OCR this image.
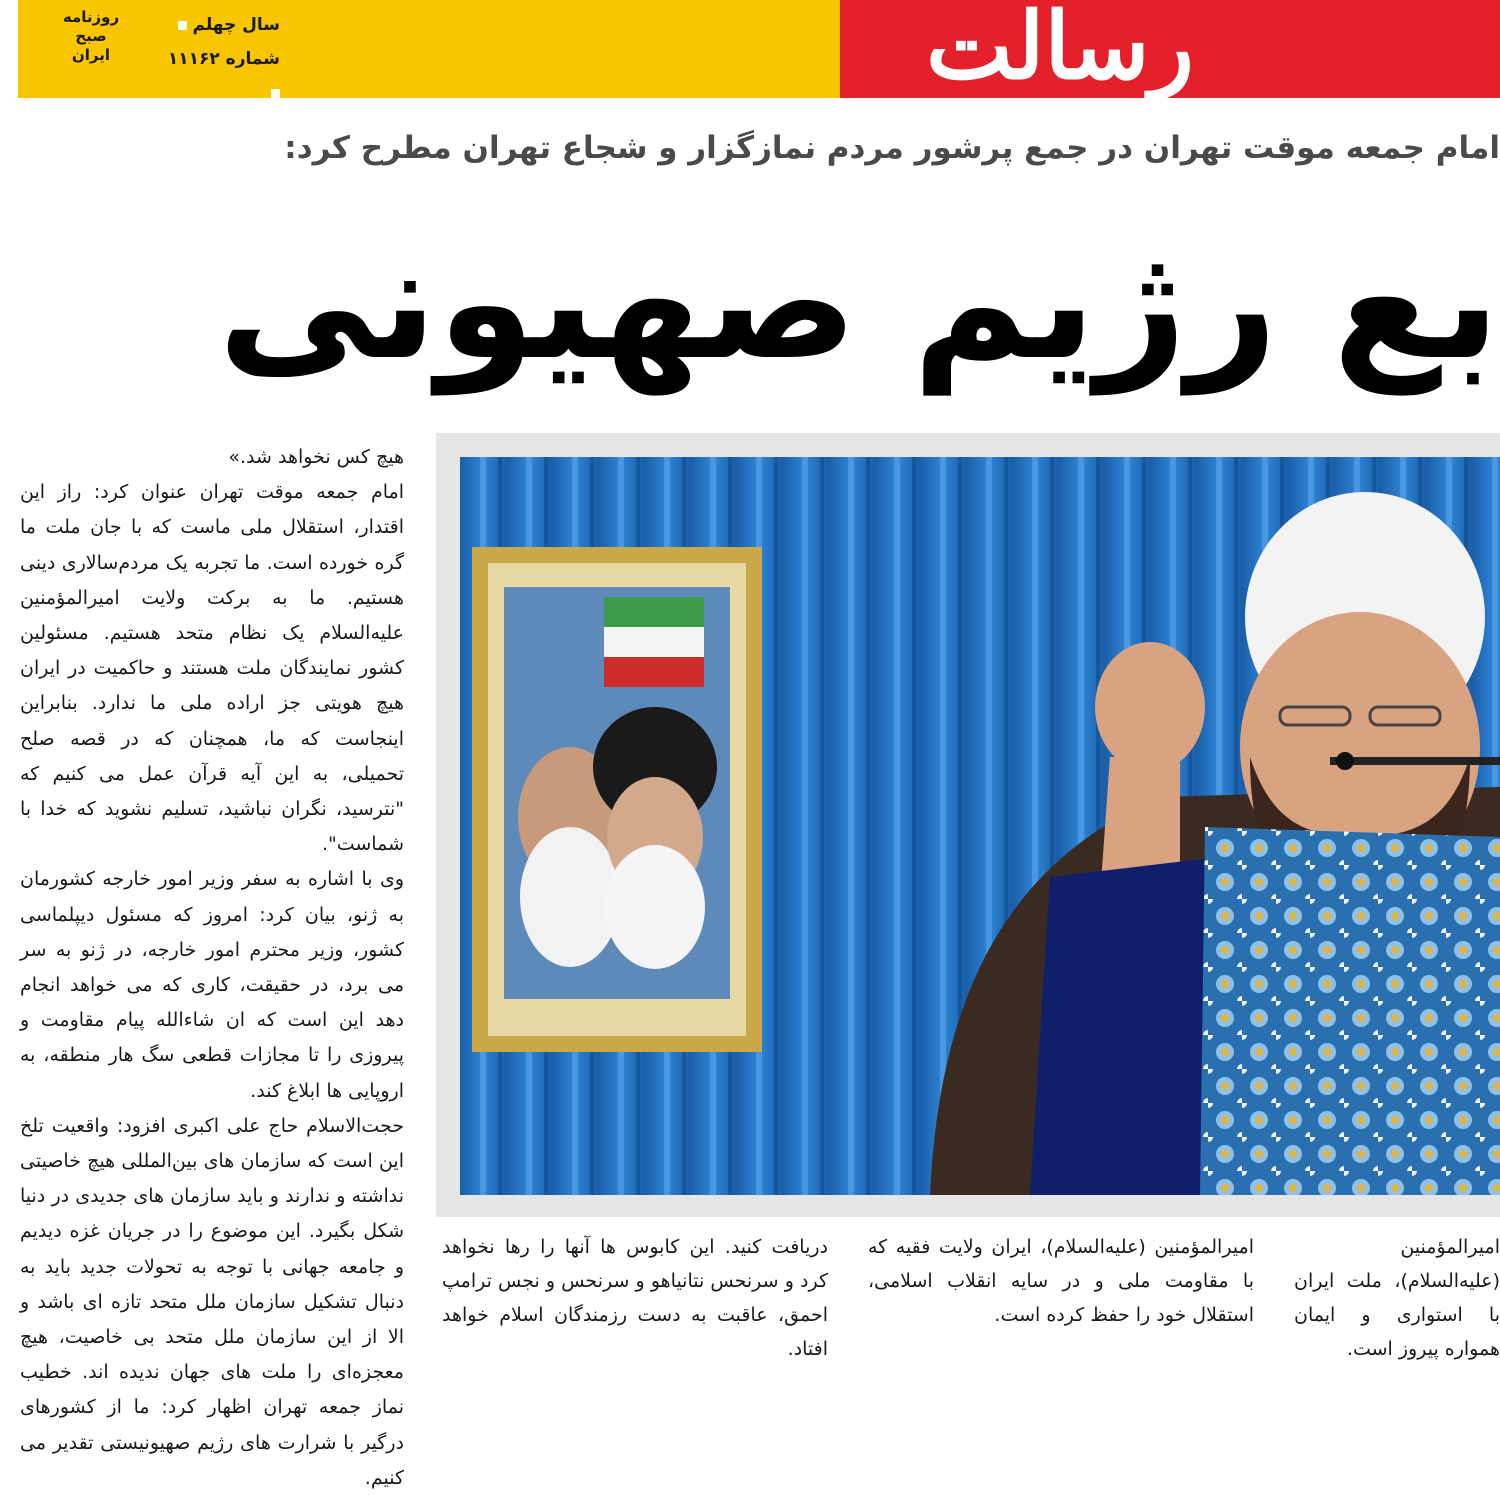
رسالت
سال چهلم
شماره ۱۱۱۶۲
روزنامه
صبح
ایران
امام جمعه موقت تهران در جمع پرشور مردم نمازگزار و شجاع تهران مطرح کرد:
بع رژیم صهیونی

هیچ کس نخواهد شد.»

امام جمعه موقت تهران عنوان کرد: راز این اقتدار، استقلال ملی ماست که با جان ملت ما گره خورده است. ما تجربه یک مردم‌سالاری دینی هستیم. ما به برکت ولایت امیرالمؤمنین علیه‌السلام یک نظام متحد هستیم. مسئولین کشور نمایندگان ملت هستند و حاکمیت در ایران هیچ هویتی جز اراده ملی ما ندارد. بنابراین اینجاست که ما، همچنان که در قصه صلح تحمیلی، به این آیه قرآن عمل می کنیم که "نترسید، نگران نباشید، تسلیم نشوید که خدا با شماست".

وی با اشاره به سفر وزیر امور خارجه کشورمان به ژنو، بیان کرد: امروز که مسئول دیپلماسی کشور، وزیر محترم امور خارجه، در ژنو به سر می برد، در حقیقت، کاری که می خواهد انجام دهد این است که ان شاءالله پیام مقاومت و پیروزی را تا مجازات قطعی سگ هار منطقه، به اروپایی ها ابلاغ کند.

حجت‌الاسلام حاج علی اکبری افزود: واقعیت تلخ این است که سازمان های بین‌المللی هیچ خاصیتی نداشته و ندارند و باید سازمان های جدیدی در دنیا شکل بگیرد. این موضوع را در جریان غزه دیدیم و جامعه جهانی با توجه به تحولات جدید باید به دنبال تشکیل سازمان ملل متحد تازه ای باشد و الا از این سازمان ملل متحد بی خاصیت، هیچ معجزه‌ای را ملت های جهان ندیده اند. خطیب نماز جمعه تهران اظهار کرد: ما از کشورهای درگیر با شرارت های رژیم صهیونیستی تقدیر می کنیم.

دریافت کنید. این کابوس ها آنها را رها نخواهد کرد و سرنحس نتانیاهو و سرنحس و نجس ترامپ احمق، عاقبت به دست رزمندگان اسلام خواهد افتاد.

امیرالمؤمنین (علیه‌السلام)، ایران ولایت فقیه که با مقاومت ملی و در سایه انقلاب اسلامی، استقلال خود را حفظ کرده است.

امیرالمؤمنین (علیه‌السلام)، ملت ایران با استواری و ایمان همواره پیروز است.
